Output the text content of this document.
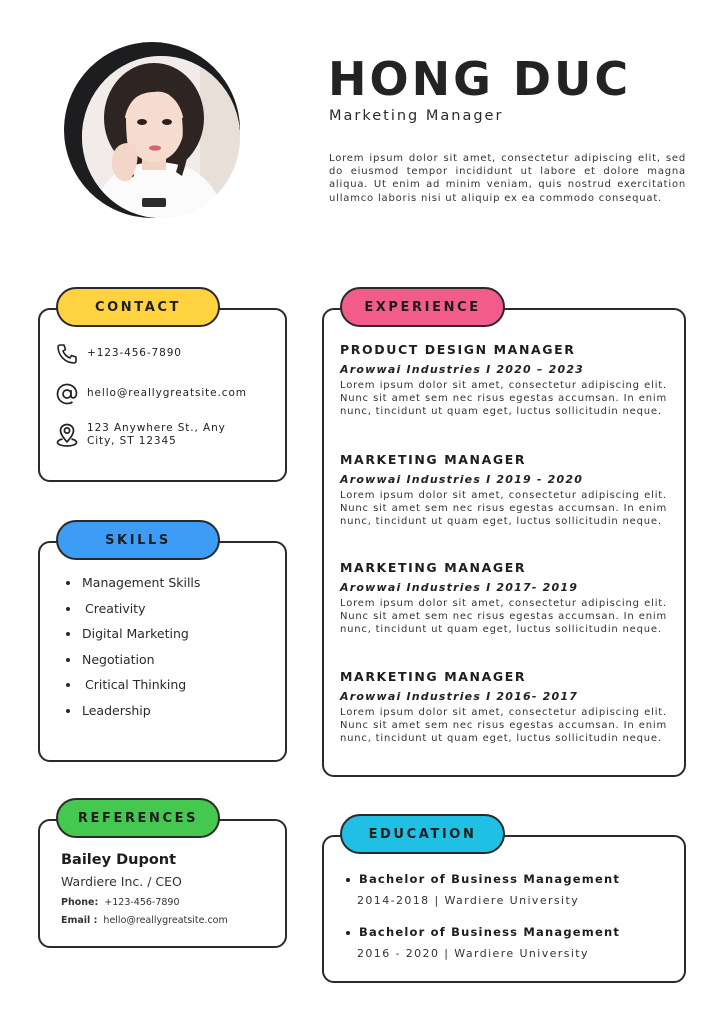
HONG DUC
Marketing Manager
Lorem ipsum dolor sit amet, consectetur adipiscing elit, sed do eiusmod tempor incididunt ut labore et dolore magna aliqua. Ut enim ad minim veniam, quis nostrud exercitation ullamco laboris nisi ut aliquip ex ea commodo consequat.
CONTACT
+123-456-7890
hello@reallygreatsite.com
123 Anywhere St., Any City, ST 12345
SKILLS
Management Skills
Creativity
Digital Marketing
Negotiation
Critical Thinking
Leadership
REFERENCES
Bailey Dupont
Wardiere Inc. / CEO
Phone: +123-456-7890
Email : hello@reallygreatsite.com
EXPERIENCE
PRODUCT DESIGN MANAGER
Arowwai Industries I 2020 – 2023
Lorem ipsum dolor sit amet, consectetur adipiscing elit. Nunc sit amet sem nec risus egestas accumsan. In enim nunc, tincidunt ut quam eget, luctus sollicitudin neque.
MARKETING MANAGER
Arowwai Industries I 2019 - 2020
Lorem ipsum dolor sit amet, consectetur adipiscing elit. Nunc sit amet sem nec risus egestas accumsan. In enim nunc, tincidunt ut quam eget, luctus sollicitudin neque.
MARKETING MANAGER
Arowwai Industries I 2017- 2019
Lorem ipsum dolor sit amet, consectetur adipiscing elit. Nunc sit amet sem nec risus egestas accumsan. In enim nunc, tincidunt ut quam eget, luctus sollicitudin neque.
MARKETING MANAGER
Arowwai Industries I 2016- 2017
Lorem ipsum dolor sit amet, consectetur adipiscing elit. Nunc sit amet sem nec risus egestas accumsan. In enim nunc, tincidunt ut quam eget, luctus sollicitudin neque.
EDUCATION
Bachelor of Business Management
2014-2018 | Wardiere University
Bachelor of Business Management
2016 - 2020 | Wardiere University
